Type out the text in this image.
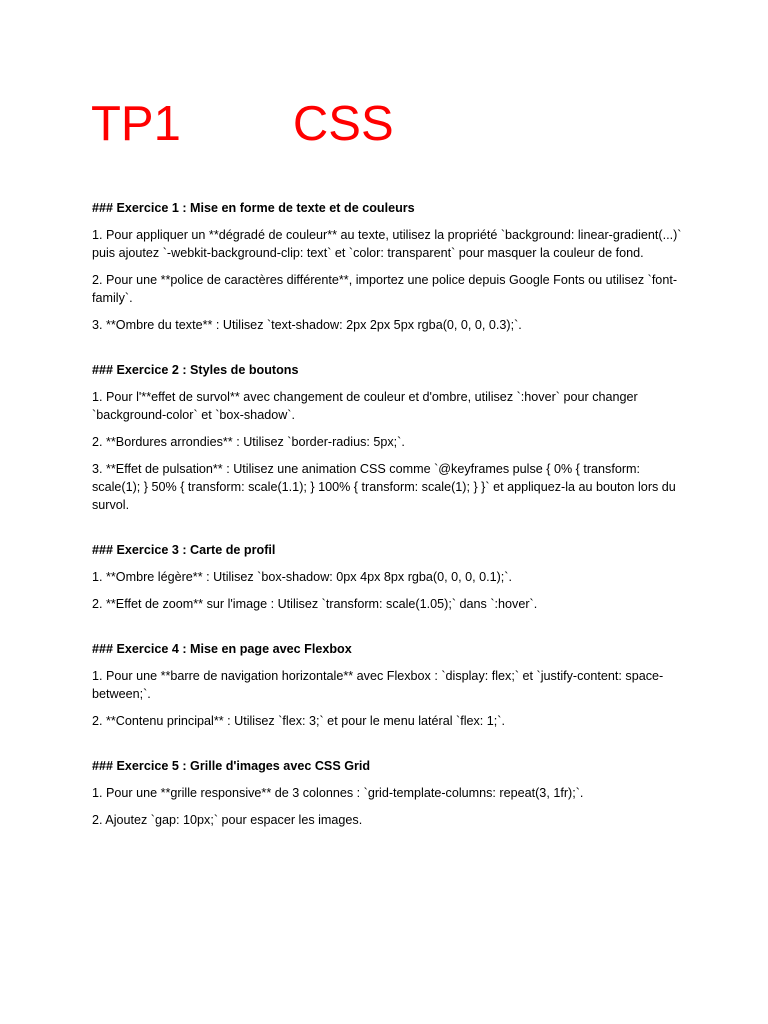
TP1 CSS
### Exercice 1 : Mise en forme de texte et de couleurs
1. Pour appliquer un **dégradé de couleur** au texte, utilisez la propriété `background: linear-gradient(...)` puis ajoutez `-webkit-background-clip: text` et `color: transparent` pour masquer la couleur de fond.
2. Pour une **police de caractères différente**, importez une police depuis Google Fonts ou utilisez `font-family`.
3. **Ombre du texte** : Utilisez `text-shadow: 2px 2px 5px rgba(0, 0, 0, 0.3);`.
### Exercice 2 : Styles de boutons
1. Pour l'**effet de survol** avec changement de couleur et d'ombre, utilisez `:hover` pour changer `background-color` et `box-shadow`.
2. **Bordures arrondies** : Utilisez `border-radius: 5px;`.
3. **Effet de pulsation** : Utilisez une animation CSS comme `@keyframes pulse { 0% { transform: scale(1); } 50% { transform: scale(1.1); } 100% { transform: scale(1); } }` et appliquez-la au bouton lors du survol.
### Exercice 3 : Carte de profil
1. **Ombre légère** : Utilisez `box-shadow: 0px 4px 8px rgba(0, 0, 0, 0.1);`.
2. **Effet de zoom** sur l'image : Utilisez `transform: scale(1.05);` dans `:hover`.
### Exercice 4 : Mise en page avec Flexbox
1. Pour une **barre de navigation horizontale** avec Flexbox : `display: flex;` et `justify-content: space-between;`.
2. **Contenu principal** : Utilisez `flex: 3;` et pour le menu latéral `flex: 1;`.
### Exercice 5 : Grille d'images avec CSS Grid
1. Pour une **grille responsive** de 3 colonnes : `grid-template-columns: repeat(3, 1fr);`.
2. Ajoutez `gap: 10px;` pour espacer les images.
